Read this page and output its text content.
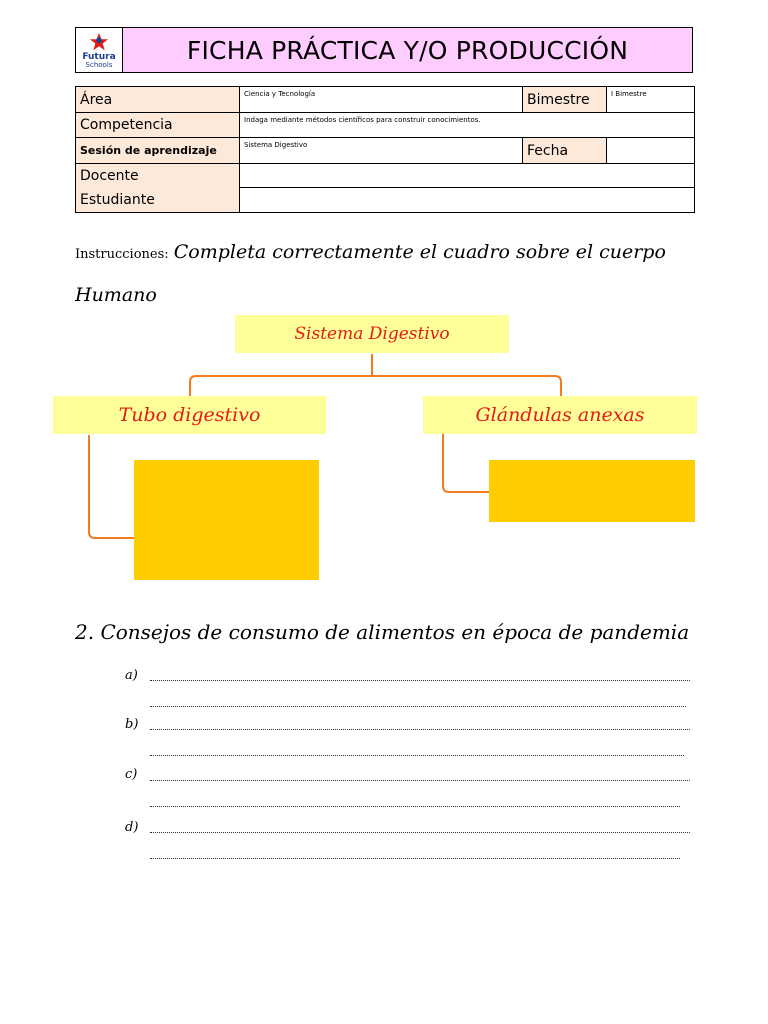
Futura
Schools
FICHA PRÁCTICA Y/O PRODUCCIÓN
Área	Ciencia y Tecnología	Bimestre	I Bimestre
Competencia	Indaga mediante métodos científicos para construir conocimientos.		
Sesión de aprendizaje	Sistema Digestivo	Fecha	
Docente			
Estudiante			
Instrucciones: Completa correctamente el cuadro sobre el cuerpo Humano
Sistema Digestivo
Tubo digestivo	Glándulas anexas
2. Consejos de consumo de alimentos en época de pandemia
a)
b)
c)
d)
